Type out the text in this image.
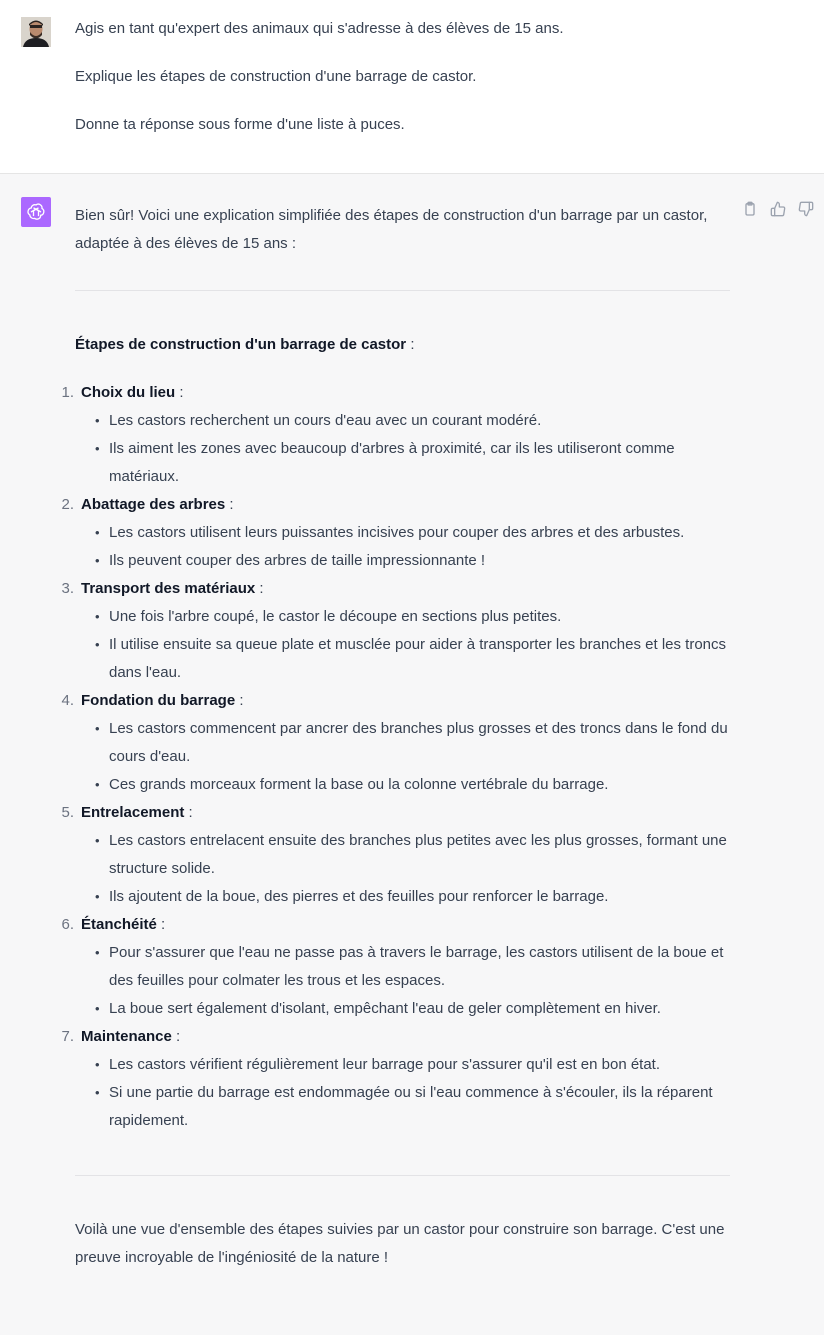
Agis en tant qu'expert des animaux qui s'adresse à des élèves de 15 ans.

Explique les étapes de construction d'une barrage de castor.

Donne ta réponse sous forme d'une liste à puces.

Bien sûr! Voici une explication simplifiée des étapes de construction d'un barrage par un castor, adaptée à des élèves de 15 ans :

Étapes de construction d'un barrage de castor :

1. Choix du lieu :
• Les castors recherchent un cours d'eau avec un courant modéré.
• Ils aiment les zones avec beaucoup d'arbres à proximité, car ils les utiliseront comme matériaux.
2. Abattage des arbres :
• Les castors utilisent leurs puissantes incisives pour couper des arbres et des arbustes.
• Ils peuvent couper des arbres de taille impressionnante !
3. Transport des matériaux :
• Une fois l'arbre coupé, le castor le découpe en sections plus petites.
• Il utilise ensuite sa queue plate et musclée pour aider à transporter les branches et les troncs dans l'eau.
4. Fondation du barrage :
• Les castors commencent par ancrer des branches plus grosses et des troncs dans le fond du cours d'eau.
• Ces grands morceaux forment la base ou la colonne vertébrale du barrage.
5. Entrelacement :
• Les castors entrelacent ensuite des branches plus petites avec les plus grosses, formant une structure solide.
• Ils ajoutent de la boue, des pierres et des feuilles pour renforcer le barrage.
6. Étanchéité :
• Pour s'assurer que l'eau ne passe pas à travers le barrage, les castors utilisent de la boue et des feuilles pour colmater les trous et les espaces.
• La boue sert également d'isolant, empêchant l'eau de geler complètement en hiver.
7. Maintenance :
• Les castors vérifient régulièrement leur barrage pour s'assurer qu'il est en bon état.
• Si une partie du barrage est endommagée ou si l'eau commence à s'écouler, ils la réparent rapidement.

Voilà une vue d'ensemble des étapes suivies par un castor pour construire son barrage. C'est une preuve incroyable de l'ingéniosité de la nature !
